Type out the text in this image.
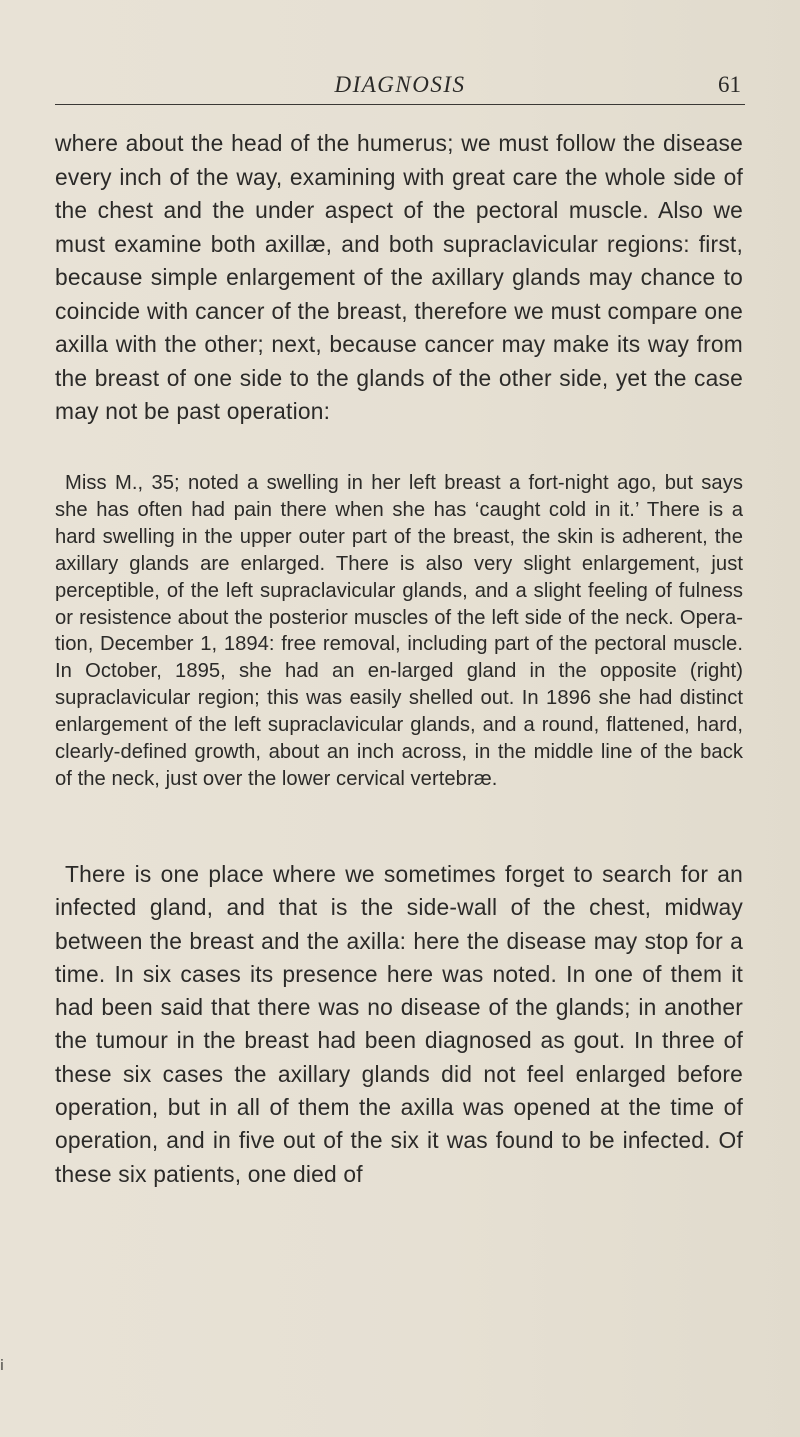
DIAGNOSIS	61

where about the head of the humerus; we must follow the disease every inch of the way, examining with great care the whole side of the chest and the under aspect of the pectoral muscle. Also we must examine both axillæ, and both supraclavicular regions: first, because simple enlargement of the axillary glands may chance to coincide with cancer of the breast, therefore we must compare one axilla with the other; next, because cancer may make its way from the breast of one side to the glands of the other side, yet the case may not be past operation:

Miss M., 35; noted a swelling in her left breast a fort-night ago, but says she has often had pain there when she has ‘caught cold in it.’ There is a hard swelling in the upper outer part of the breast, the skin is adherent, the axillary glands are enlarged. There is also very slight enlargement, just perceptible, of the left supraclavicular glands, and a slight feeling of fulness or resistence about the posterior muscles of the left side of the neck. Opera-tion, December 1, 1894: free removal, including part of the pectoral muscle. In October, 1895, she had an en-larged gland in the opposite (right) supraclavicular region; this was easily shelled out. In 1896 she had distinct enlargement of the left supraclavicular glands, and a round, flattened, hard, clearly-defined growth, about an inch across, in the middle line of the back of the neck, just over the lower cervical vertebræ.

There is one place where we sometimes forget to search for an infected gland, and that is the side-wall of the chest, midway between the breast and the axilla: here the disease may stop for a time. In six cases its presence here was noted. In one of them it had been said that there was no disease of the glands; in another the tumour in the breast had been diagnosed as gout. In three of these six cases the axillary glands did not feel enlarged before operation, but in all of them the axilla was opened at the time of operation, and in five out of the six it was found to be infected. Of these six patients, one died of

i
